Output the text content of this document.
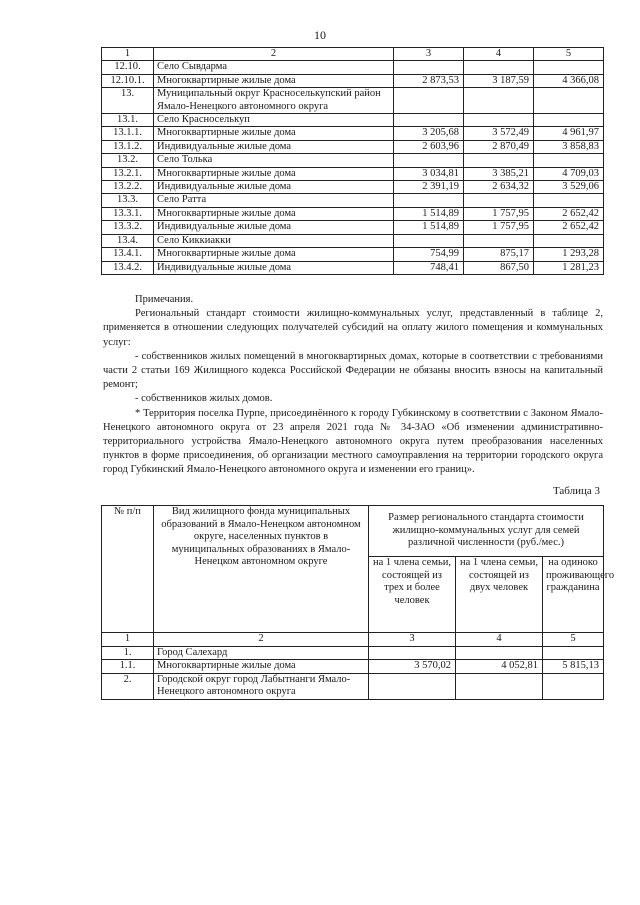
10
1	2	3	4	5
12.10.	Село Сывдарма			
12.10.1.	Многоквартирные жилые дома	2 873,53	3 187,59	4 366,08
13.	Муниципальный округ Красноселькупский район Ямало-Ненецкого автономного округа			
13.1.	Село Красноселькуп			
13.1.1.	Многоквартирные жилые дома	3 205,68	3 572,49	4 961,97
13.1.2.	Индивидуальные жилые дома	2 603,96	2 870,49	3 858,83
13.2.	Село Толька			
13.2.1.	Многоквартирные жилые дома	3 034,81	3 385,21	4 709,03
13.2.2.	Индивидуальные жилые дома	2 391,19	2 634,32	3 529,06
13.3.	Село Ратта			
13.3.1.	Многоквартирные жилые дома	1 514,89	1 757,95	2 652,42
13.3.2.	Индивидуальные жилые дома	1 514,89	1 757,95	2 652,42
13.4.	Село Киккиакки			
13.4.1.	Многоквартирные жилые дома	754,99	875,17	1 293,28
13.4.2.	Индивидуальные жилые дома	748,41	867,50	1 281,23

Примечания.

Региональный стандарт стоимости жилищно-коммунальных услуг, представленный в таблице 2, применяется в отношении следующих получателей субсидий на оплату жилого помещения и коммунальных услуг:

- собственников жилых помещений в многоквартирных домах, которые в соответствии с требованиями части 2 статьи 169 Жилищного кодекса Российской Федерации не обязаны вносить взносы на капитальный ремонт;

- собственников жилых домов.

* Территория поселка Пурпе, присоединённого к городу Губкинскому в соответствии с Законом Ямало-Ненецкого автономного округа от 23 апреля 2021 года № 34-ЗАО «Об изменении административно-территориального устройства Ямало-Ненецкого автономного округа путем преобразования населенных пунктов в форме присоединения, об организации местного самоуправления на территории городского округа город Губкинский Ямало-Ненецкого автономного округа и изменении его границ».

Таблица 3
№ п/п	Вид жилищного фонда муниципальных образований в Ямало-Ненецком автономном округе, населенных пунктов в муниципальных образованиях в Ямало-Ненецком автономном округе	Размер регионального стандарта стоимости жилищно-коммунальных услуг для семей различной численности (руб./мес.)		
		на 1 члена семьи, состоящей из трех и более человек	на 1 члена семьи, состоящей из двух человек	на одиноко проживающего гражданина
1	2	3	4	5
1.	Город Салехард			
1.1.	Многоквартирные жилые дома	3 570,02	4 052,81	5 815,13
2.	Городской округ город Лабытнанги Ямало-Ненецкого автономного округа			
